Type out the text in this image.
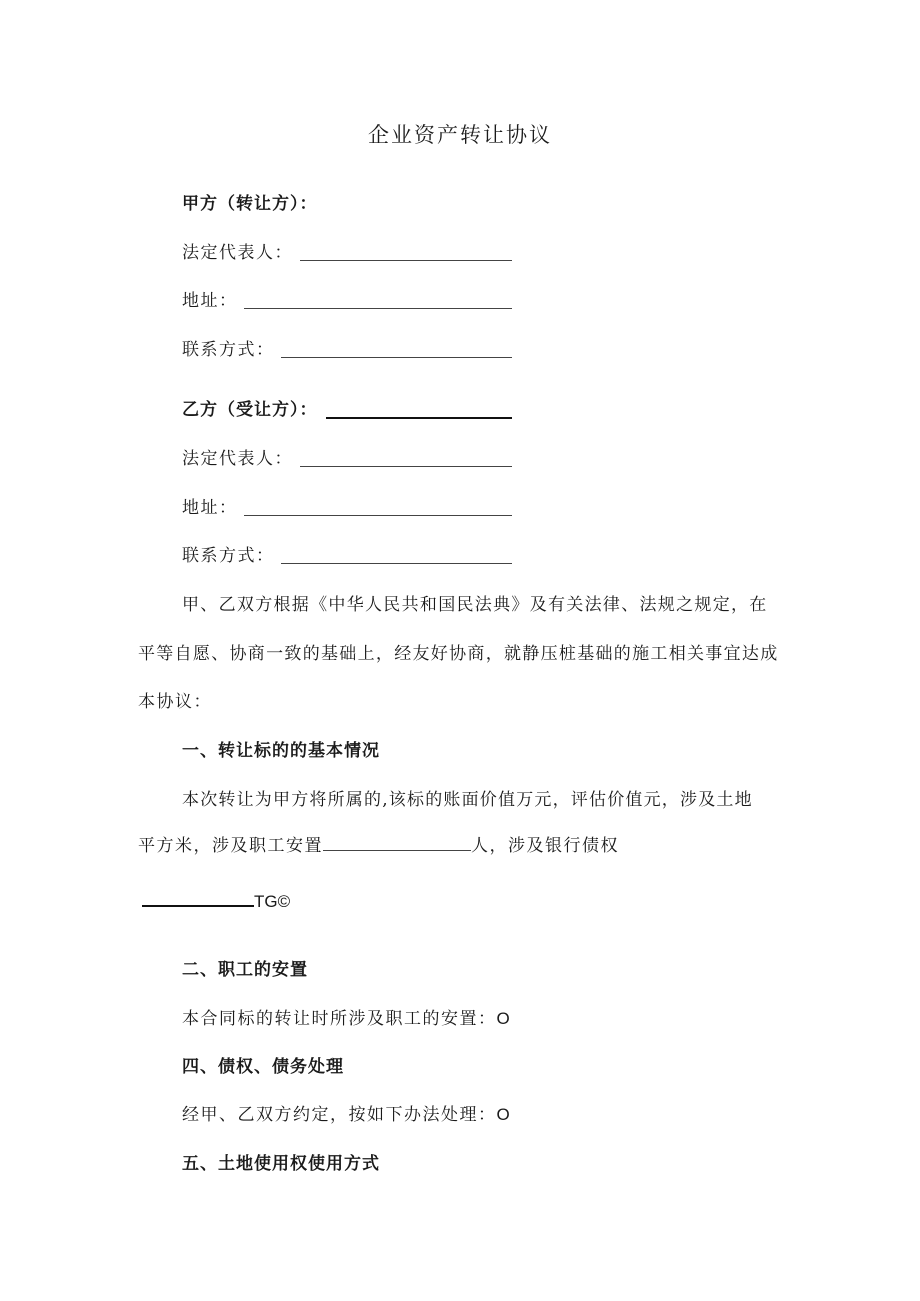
企业资产转让协议
甲方（转让方）：
法定代表人：
地址：
联系方式：
乙方（受让方）：
法定代表人：
地址：
联系方式：
甲、乙双方根据《中华人民共和国民法典》及有关法律、法规之规定，在
平等自愿、协商一致的基础上，经友好协商，就静压桩基础的施工相关事宜达成
本协议：
一、转让标的的基本情况
本次转让为甲方将所属的,该标的账面价值万元，评估价值元，涉及土地
平方米，涉及职工安置	人，涉及银行债权
TG©
二、职工的安置
本合同标的转让时所涉及职工的安置：O
四、债权、债务处理
经甲、乙双方约定，按如下办法处理：O
五、土地使用权使用方式
